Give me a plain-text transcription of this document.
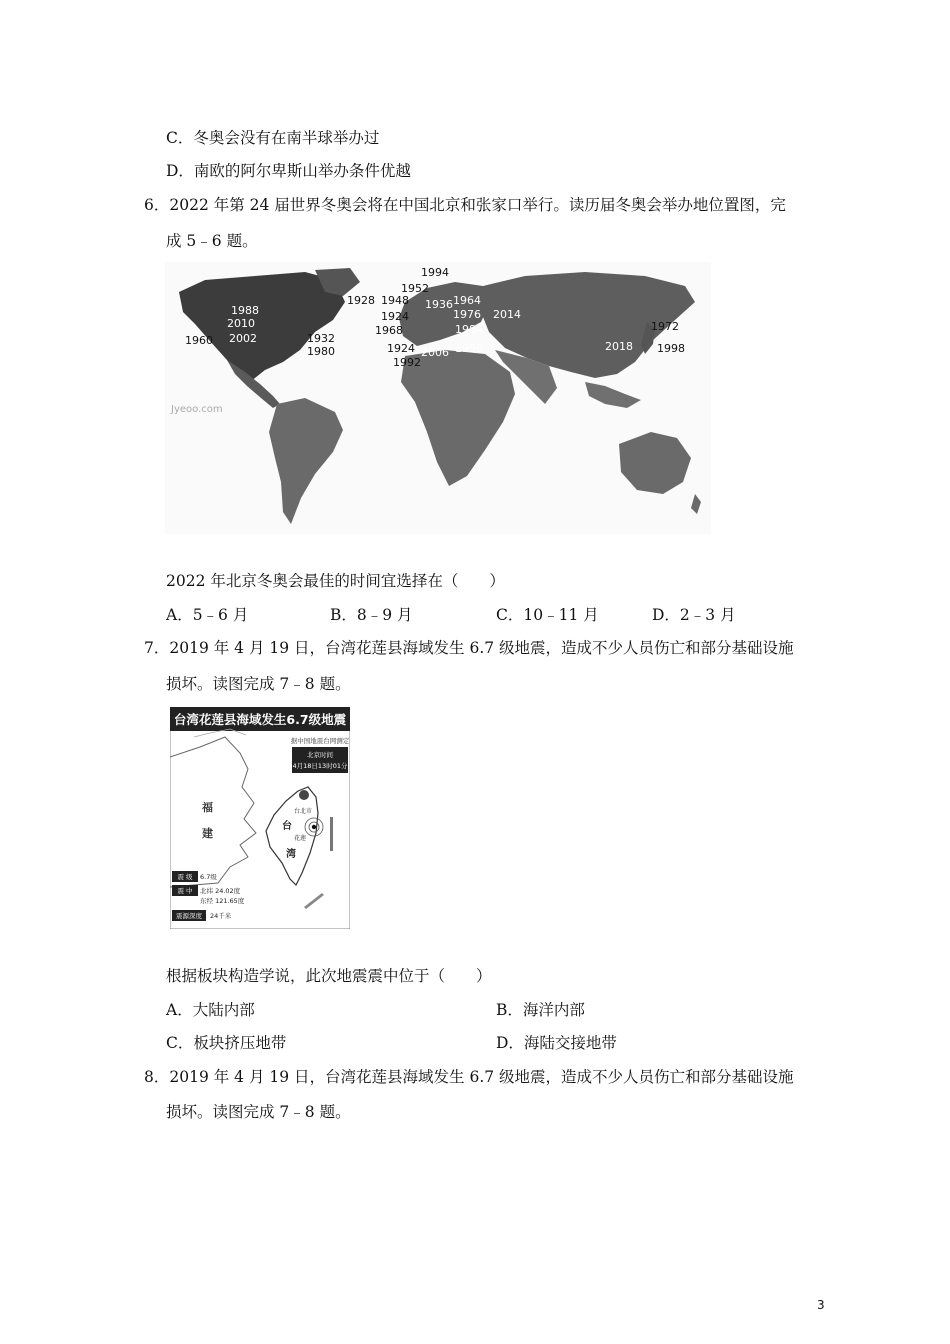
C．冬奥会没有在南半球举办过
D．南欧的阿尔卑斯山举办条件优越
6．2022 年第 24 届世界冬奥会将在中国北京和张家口举行。读历届冬奥会举办地位置图，完
成 5﹣6 题。
Jyeoo.com
1988
2010
2002
1960	1932
1980
1994
1952
1928 1948 1936 1964
1976
1924
1968	1984
2014
1924 2006 1956
1992
1972
2018 1998
2022 年北京冬奥会最佳的时间宜选择在（　　）
A．5﹣6 月	B．8﹣9 月	C．10﹣11 月	D．2﹣3 月
7．2019 年 4 月 19 日，台湾花莲县海域发生 6.7 级地震，造成不少人员伤亡和部分基础设施
损坏。读图完成 7﹣8 题。
台湾花莲县海域发生6.7级地震
据中国地震台网测定
北京时间
4月18日13时01分
福
建
台北市
台
湾
花莲
震 级 6.7级
震 中 北纬 24.02度
东经 121.65度
震源深度 24千米
根据板块构造学说，此次地震震中位于（　　）
A．大陆内部	B．海洋内部
C．板块挤压地带	D．海陆交接地带
8．2019 年 4 月 19 日，台湾花莲县海域发生 6.7 级地震，造成不少人员伤亡和部分基础设施
损坏。读图完成 7﹣8 题。
3
